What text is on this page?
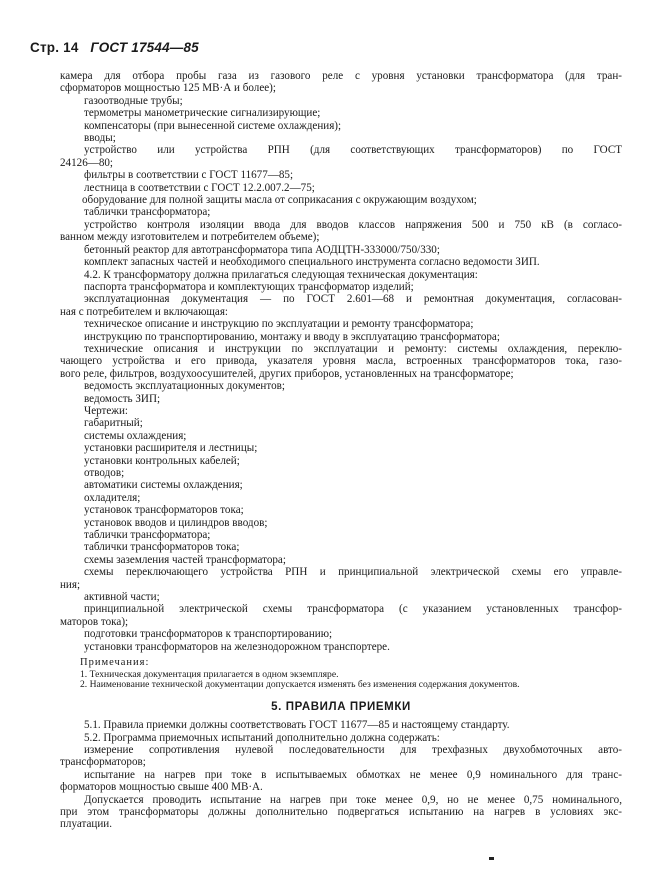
Стр. 14 ГОСТ 17544—85
камера для отбора пробы газа из газового реле с уровня установки трансформатора (для тран-
сформаторов мощностью 125 МВ·А и более);
газоотводные трубы;
термометры манометрические сигнализирующие;
компенсаторы (при вынесенной системе охлаждения);
вводы;
устройство или устройства РПН (для соответствующих трансформаторов) по ГОСТ
24126—80;
фильтры в соответствии с ГОСТ 11677—85;
лестница в соответствии с ГОСТ 12.2.007.2—75;
оборудование для полной защиты масла от соприкасания с окружающим воздухом;
таблички трансформатора;
устройство контроля изоляции ввода для вводов классов напряжения 500 и 750 кВ (в согласо-
ванном между изготовителем и потребителем объеме);
бетонный реактор для автотрансформатора типа АОДЦТН-333000/750/330;
комплект запасных частей и необходимого специального инструмента согласно ведомости ЗИП.
4.2. К трансформатору должна прилагаться следующая техническая документация:
паспорта трансформатора и комплектующих трансформатор изделий;
эксплуатационная документация — по ГОСТ 2.601—68 и ремонтная документация, согласован-
ная с потребителем и включающая:
техническое описание и инструкцию по эксплуатации и ремонту трансформатора;
инструкцию по транспортированию, монтажу и вводу в эксплуатацию трансформатора;
технические описания и инструкции по эксплуатации и ремонту: системы охлаждения, переклю-
чающего устройства и его привода, указателя уровня масла, встроенных трансформаторов тока, газо-
вого реле, фильтров, воздухоосушителей, других приборов, установленных на трансформаторе;
ведомость эксплуатационных документов;
ведомость ЗИП;
Чертежи:
габаритный;
системы охлаждения;
установки расширителя и лестницы;
установки контрольных кабелей;
отводов;
автоматики системы охлаждения;
охладителя;
установок трансформаторов тока;
установок вводов и цилиндров вводов;
таблички трансформатора;
таблички трансформаторов тока;
схемы заземления частей трансформатора;
схемы переключающего устройства РПН и принципиальной электрической схемы его управле-
ния;
активной части;
принципиальной электрической схемы трансформатора (с указанием установленных трансфор-
маторов тока);
подготовки трансформаторов к транспортированию;
установки трансформаторов на железнодорожном транспортере.
Примечания:
1. Техническая документация прилагается в одном экземпляре.
2. Наименование технической документации допускается изменять без изменения содержания документов.
5. ПРАВИЛА ПРИЕМКИ
5.1. Правила приемки должны соответствовать ГОСТ 11677—85 и настоящему стандарту.
5.2. Программа приемочных испытаний дополнительно должна содержать:
измерение сопротивления нулевой последовательности для трехфазных двухобмоточных авто-
трансформаторов;
испытание на нагрев при токе в испытываемых обмотках не менее 0,9 номинального для транс-
форматоров мощностью свыше 400 МВ·А.
Допускается проводить испытание на нагрев при токе менее 0,9, но не менее 0,75 номинального,
при этом трансформаторы должны дополнительно подвергаться испытанию на нагрев в условиях экс-
плуатации.
